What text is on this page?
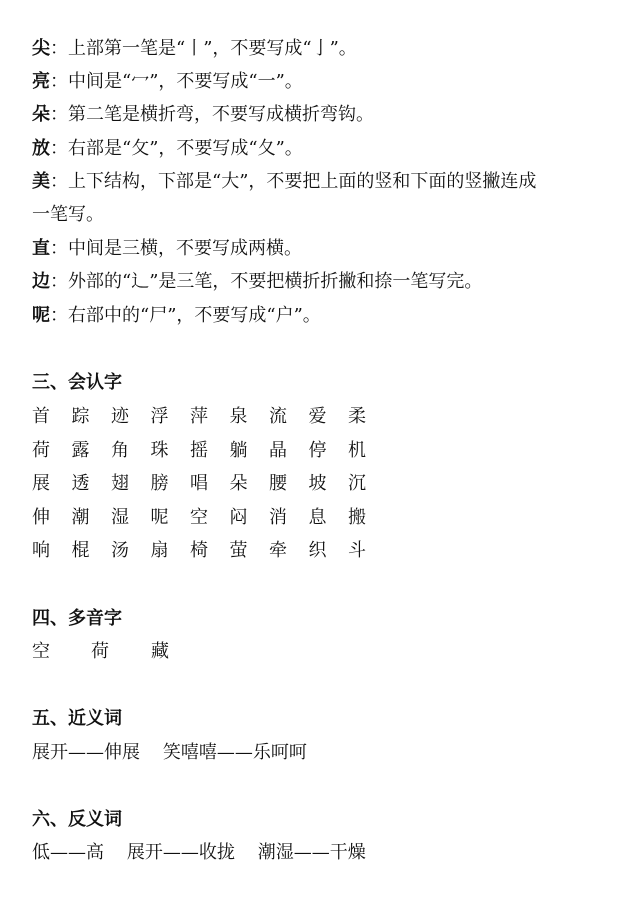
尖：上部第一笔是“丨”，不要写成“亅”。
亮：中间是“冖”，不要写成“一”。
朵：第二笔是横折弯，不要写成横折弯钩。
放：右部是“攵”，不要写成“夂”。
美：上下结构，下部是“大”，不要把上面的竖和下面的竖撇连成
一笔写。
直：中间是三横，不要写成两横。
边：外部的“辶”是三笔，不要把横折折撇和捺一笔写完。
呢：右部中的“尸”，不要写成“户”。
三、会认字
首 踪 迹 浮 萍 泉 流 爱 柔
荷 露 角 珠 摇 躺 晶 停 机
展 透 翅 膀 唱 朵 腰 坡 沉
伸 潮 湿 呢 空 闷 消 息 搬
响 棍 汤 扇 椅 萤 牵 织 斗
四、多音字
空 荷 藏
五、近义词
展开——伸展    笑嘻嘻——乐呵呵
六、反义词
低——高    展开——收拢    潮湿——干燥
